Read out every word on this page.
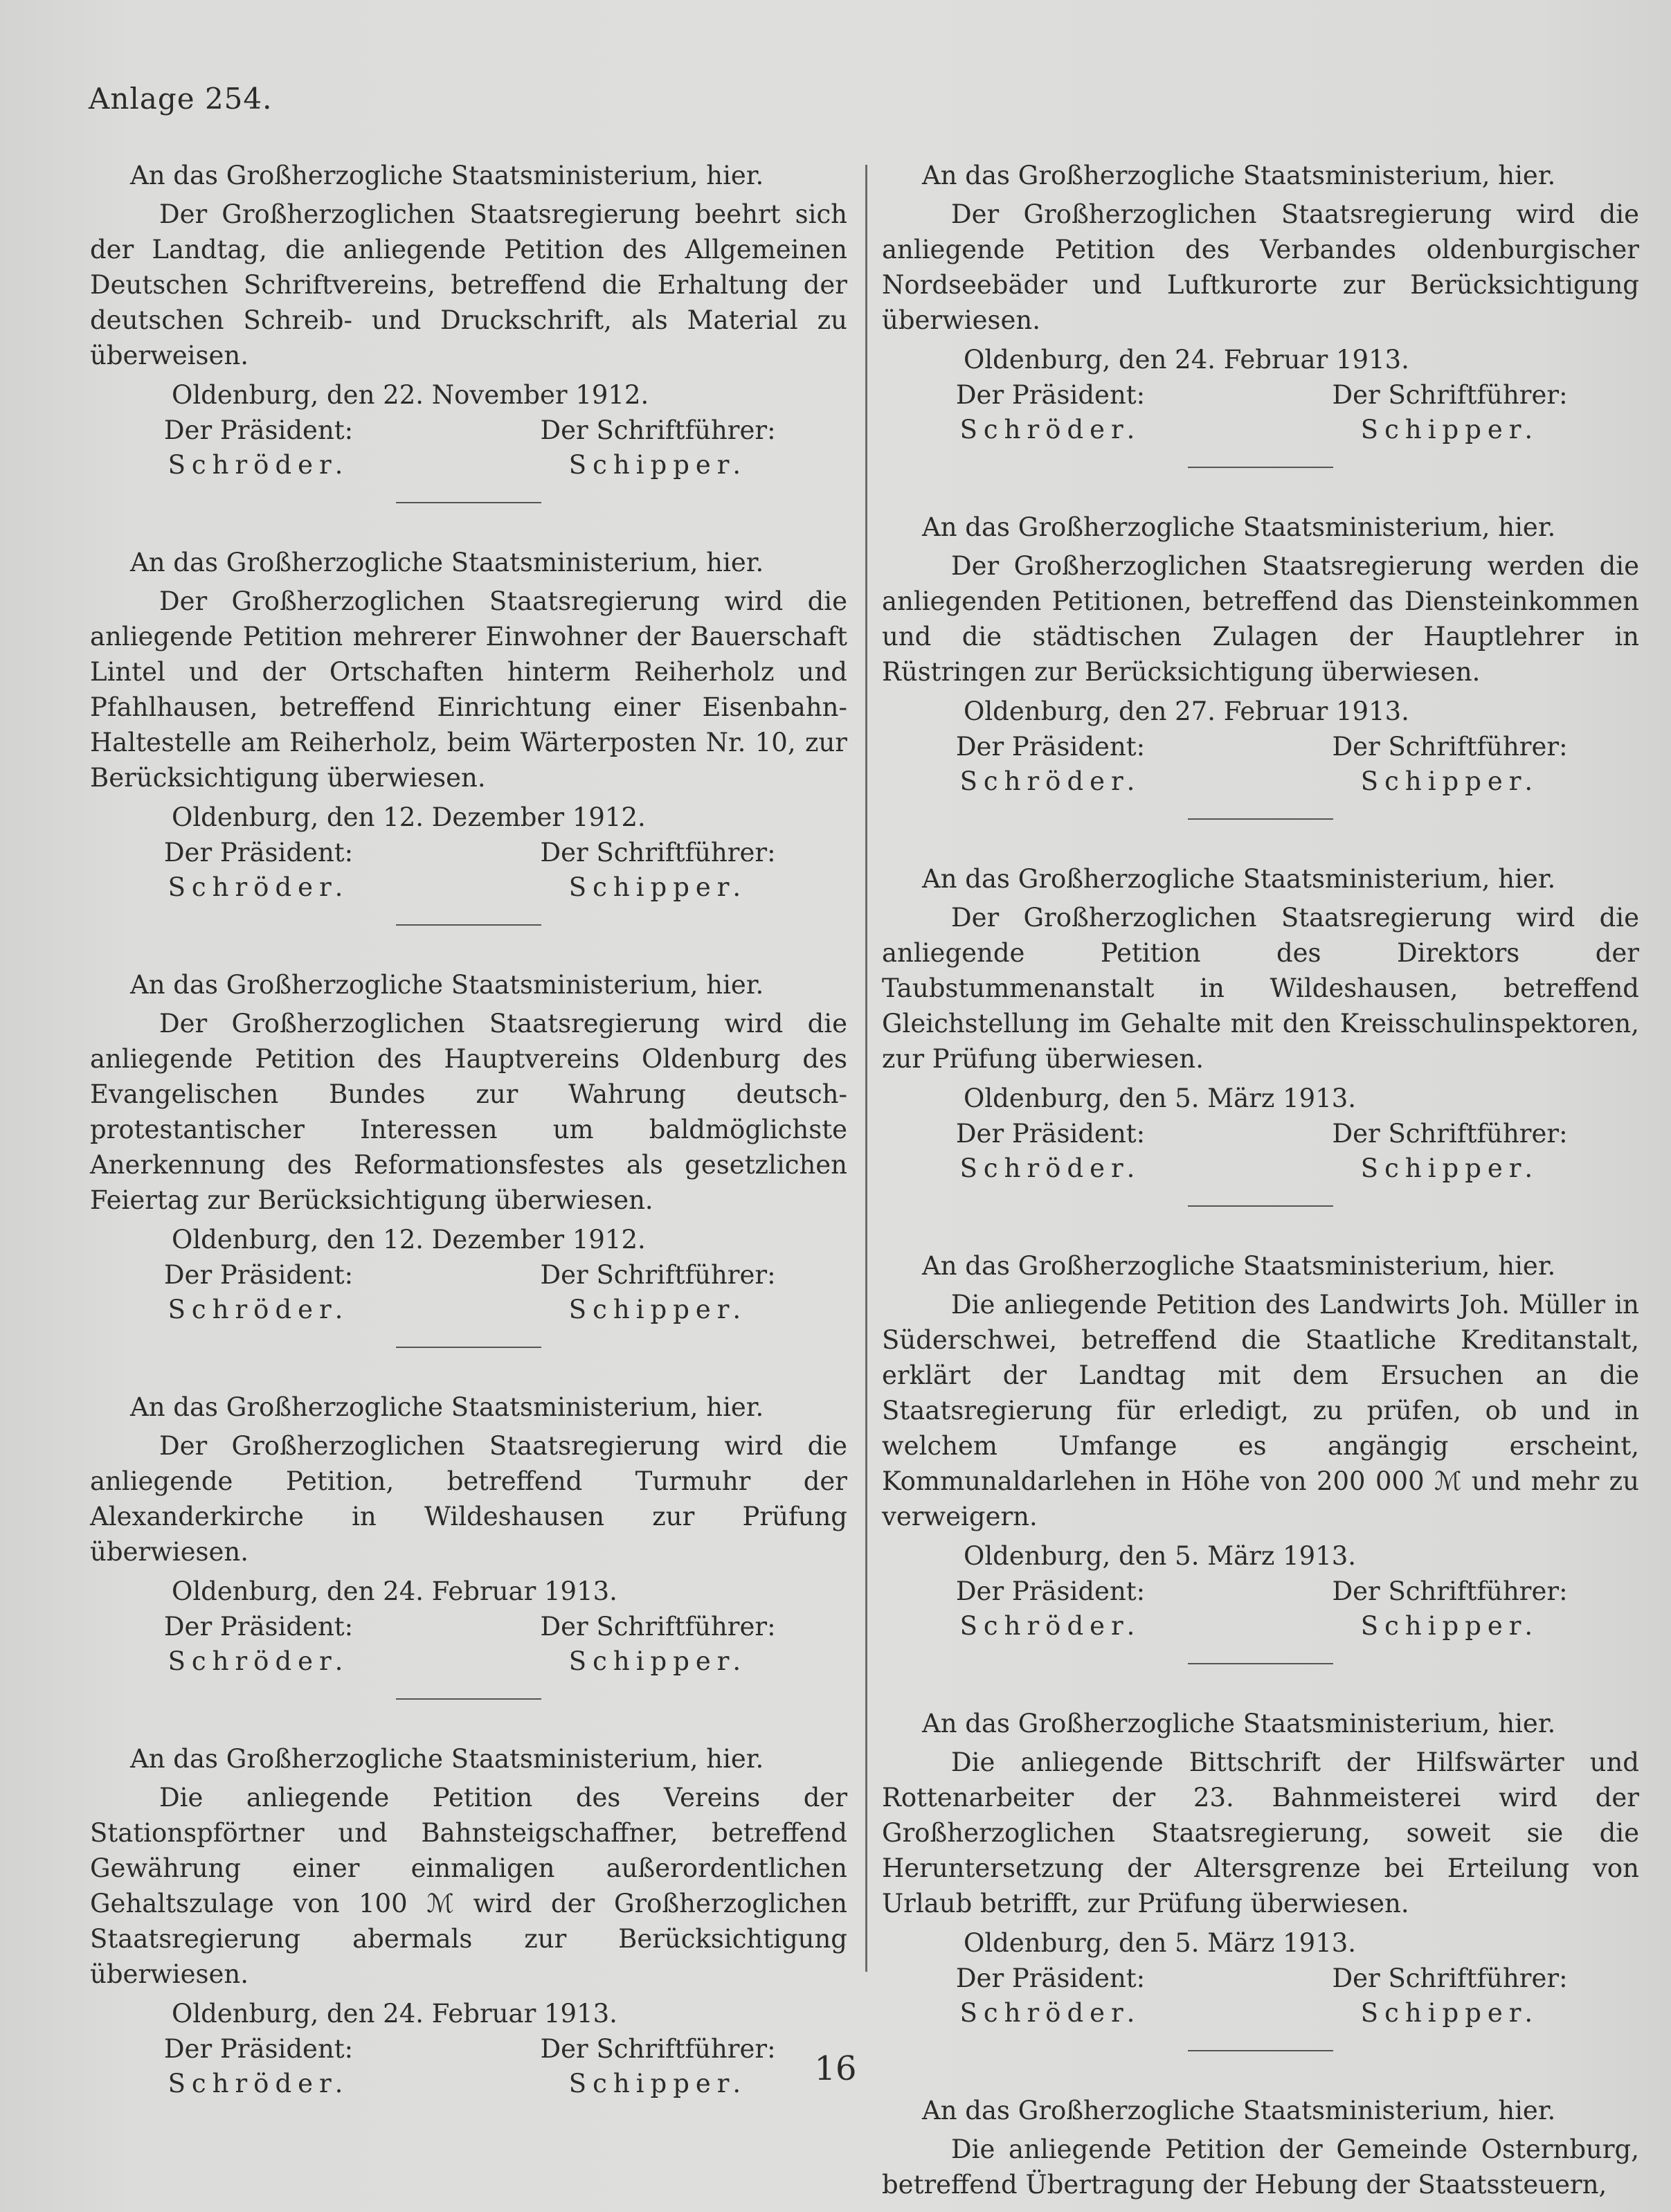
Anlage 254.

An das Großherzogliche Staatsministerium, hier.

Der Großherzoglichen Staatsregierung beehrt sich der Landtag, die anliegende Petition des Allgemeinen Deutschen Schriftvereins, betreffend die Erhaltung der deutschen Schreib- und Druckschrift, als Material zu überweisen.

Oldenburg, den 22. November 1912.

Der Präsident:
Schröder.
Der Schriftführer:
Schipper.

An das Großherzogliche Staatsministerium, hier.

Der Großherzoglichen Staatsregierung wird die anliegende Petition mehrerer Einwohner der Bauerschaft Lintel und der Ortschaften hinterm Reiherholz und Pfahlhausen, betreffend Einrichtung einer Eisenbahn-Haltestelle am Reiherholz, beim Wärterposten Nr. 10, zur Berücksichtigung überwiesen.

Oldenburg, den 12. Dezember 1912.

Der Präsident:
Schröder.
Der Schriftführer:
Schipper.

An das Großherzogliche Staatsministerium, hier.

Der Großherzoglichen Staatsregierung wird die anliegende Petition des Hauptvereins Oldenburg des Evangelischen Bundes zur Wahrung deutsch-protestantischer Interessen um baldmöglichste Anerkennung des Reformationsfestes als gesetzlichen Feiertag zur Berücksichtigung überwiesen.

Oldenburg, den 12. Dezember 1912.

Der Präsident:
Schröder.
Der Schriftführer:
Schipper.

An das Großherzogliche Staatsministerium, hier.

Der Großherzoglichen Staatsregierung wird die anliegende Petition, betreffend Turmuhr der Alexanderkirche in Wildeshausen zur Prüfung überwiesen.

Oldenburg, den 24. Februar 1913.

Der Präsident:
Schröder.
Der Schriftführer:
Schipper.

An das Großherzogliche Staatsministerium, hier.

Die anliegende Petition des Vereins der Stationspförtner und Bahnsteigschaffner, betreffend Gewährung einer einmaligen außerordentlichen Gehaltszulage von 100 ℳ wird der Großherzoglichen Staatsregierung abermals zur Berücksichtigung überwiesen.

Oldenburg, den 24. Februar 1913.

Der Präsident:
Schröder.
Der Schriftführer:
Schipper.

An das Großherzogliche Staatsministerium, hier.

Der Großherzoglichen Staatsregierung wird die anliegende Petition des Verbandes oldenburgischer Nordseebäder und Luftkurorte zur Berücksichtigung überwiesen.

Oldenburg, den 24. Februar 1913.

Der Präsident:
Schröder.
Der Schriftführer:
Schipper.

An das Großherzogliche Staatsministerium, hier.

Der Großherzoglichen Staatsregierung werden die anliegenden Petitionen, betreffend das Diensteinkommen und die städtischen Zulagen der Hauptlehrer in Rüstringen zur Berücksichtigung überwiesen.

Oldenburg, den 27. Februar 1913.

Der Präsident:
Schröder.
Der Schriftführer:
Schipper.

An das Großherzogliche Staatsministerium, hier.

Der Großherzoglichen Staatsregierung wird die anliegende Petition des Direktors der Taubstummenanstalt in Wildeshausen, betreffend Gleichstellung im Gehalte mit den Kreisschulinspektoren, zur Prüfung überwiesen.

Oldenburg, den 5. März 1913.

Der Präsident:
Schröder.
Der Schriftführer:
Schipper.

An das Großherzogliche Staatsministerium, hier.

Die anliegende Petition des Landwirts Joh. Müller in Süderschwei, betreffend die Staatliche Kreditanstalt, erklärt der Landtag mit dem Ersuchen an die Staatsregierung für erledigt, zu prüfen, ob und in welchem Umfange es angängig erscheint, Kommunaldarlehen in Höhe von 200 000 ℳ und mehr zu verweigern.

Oldenburg, den 5. März 1913.

Der Präsident:
Schröder.
Der Schriftführer:
Schipper.

An das Großherzogliche Staatsministerium, hier.

Die anliegende Bittschrift der Hilfswärter und Rottenarbeiter der 23. Bahnmeisterei wird der Großherzoglichen Staatsregierung, soweit sie die Heruntersetzung der Altersgrenze bei Erteilung von Urlaub betrifft, zur Prüfung überwiesen.

Oldenburg, den 5. März 1913.

Der Präsident:
Schröder.
Der Schriftführer:
Schipper.

An das Großherzogliche Staatsministerium, hier.

Die anliegende Petition der Gemeinde Osternburg, betreffend Übertragung der Hebung der Staatssteuern,

16
